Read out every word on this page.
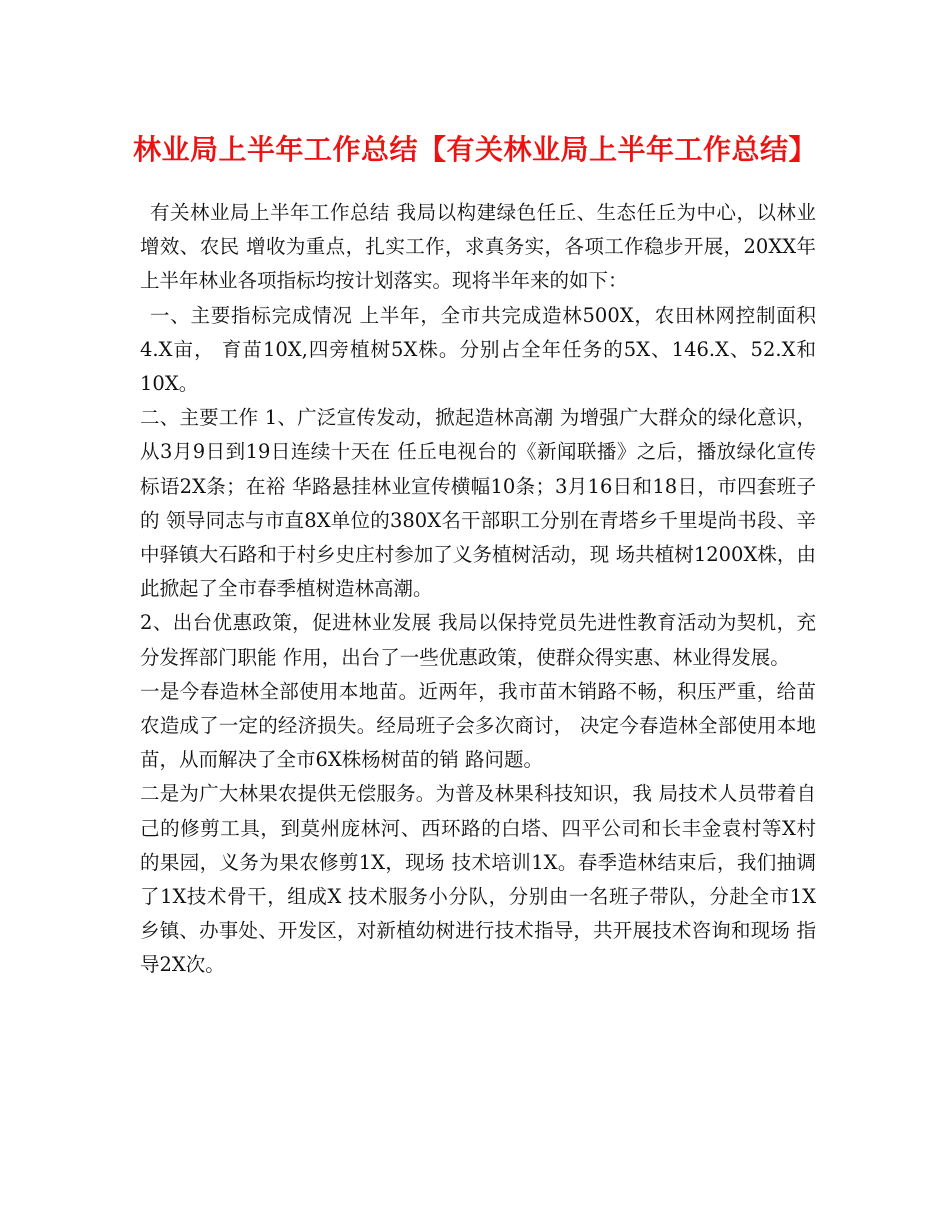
林业局上半年工作总结【有关林业局上半年工作总结】

有关林业局上半年工作总结 我局以构建绿色任丘、生态任丘为中心，以林业增效、农民 增收为重点，扎实工作，求真务实，各项工作稳步开展，20XX年 上半年林业各项指标均按计划落实。现将半年来的如下：

一、主要指标完成情况 上半年，全市共完成造林500X，农田林网控制面积4.X亩， 育苗10X,四旁植树5X株。分别占全年任务的5X、146.X、52.X和10X。

二、主要工作 1、广泛宣传发动，掀起造林高潮 为增强广大群众的绿化意识，从3月9日到19日连续十天在 任丘电视台的《新闻联播》之后，播放绿化宣传标语2X条；在裕 华路悬挂林业宣传横幅10条；3月16日和18日，市四套班子的 领导同志与市直8X单位的380X名干部职工分别在青塔乡千里堤尚书段、辛中驿镇大石路和于村乡史庄村参加了义务植树活动，现 场共植树1200X株，由此掀起了全市春季植树造林高潮。

2、出台优惠政策，促进林业发展 我局以保持党员先进性教育活动为契机，充分发挥部门职能 作用，出台了一些优惠政策，使群众得实惠、林业得发展。

一是今春造林全部使用本地苗。近两年，我市苗木销路不畅，积压严重，给苗农造成了一定的经济损失。经局班子会多次商讨， 决定今春造林全部使用本地苗，从而解决了全市6X株杨树苗的销 路问题。

二是为广大林果农提供无偿服务。为普及林果科技知识，我 局技术人员带着自己的修剪工具，到莫州庞林河、西环路的白塔、四平公司和长丰金袁村等X村的果园，义务为果农修剪1X，现场 技术培训1X。春季造林结束后，我们抽调了1X技术骨干，组成X 技术服务小分队，分别由一名班子带队，分赴全市1X乡镇、办事处、开发区，对新植幼树进行技术指导，共开展技术咨询和现场 指导2X次。
